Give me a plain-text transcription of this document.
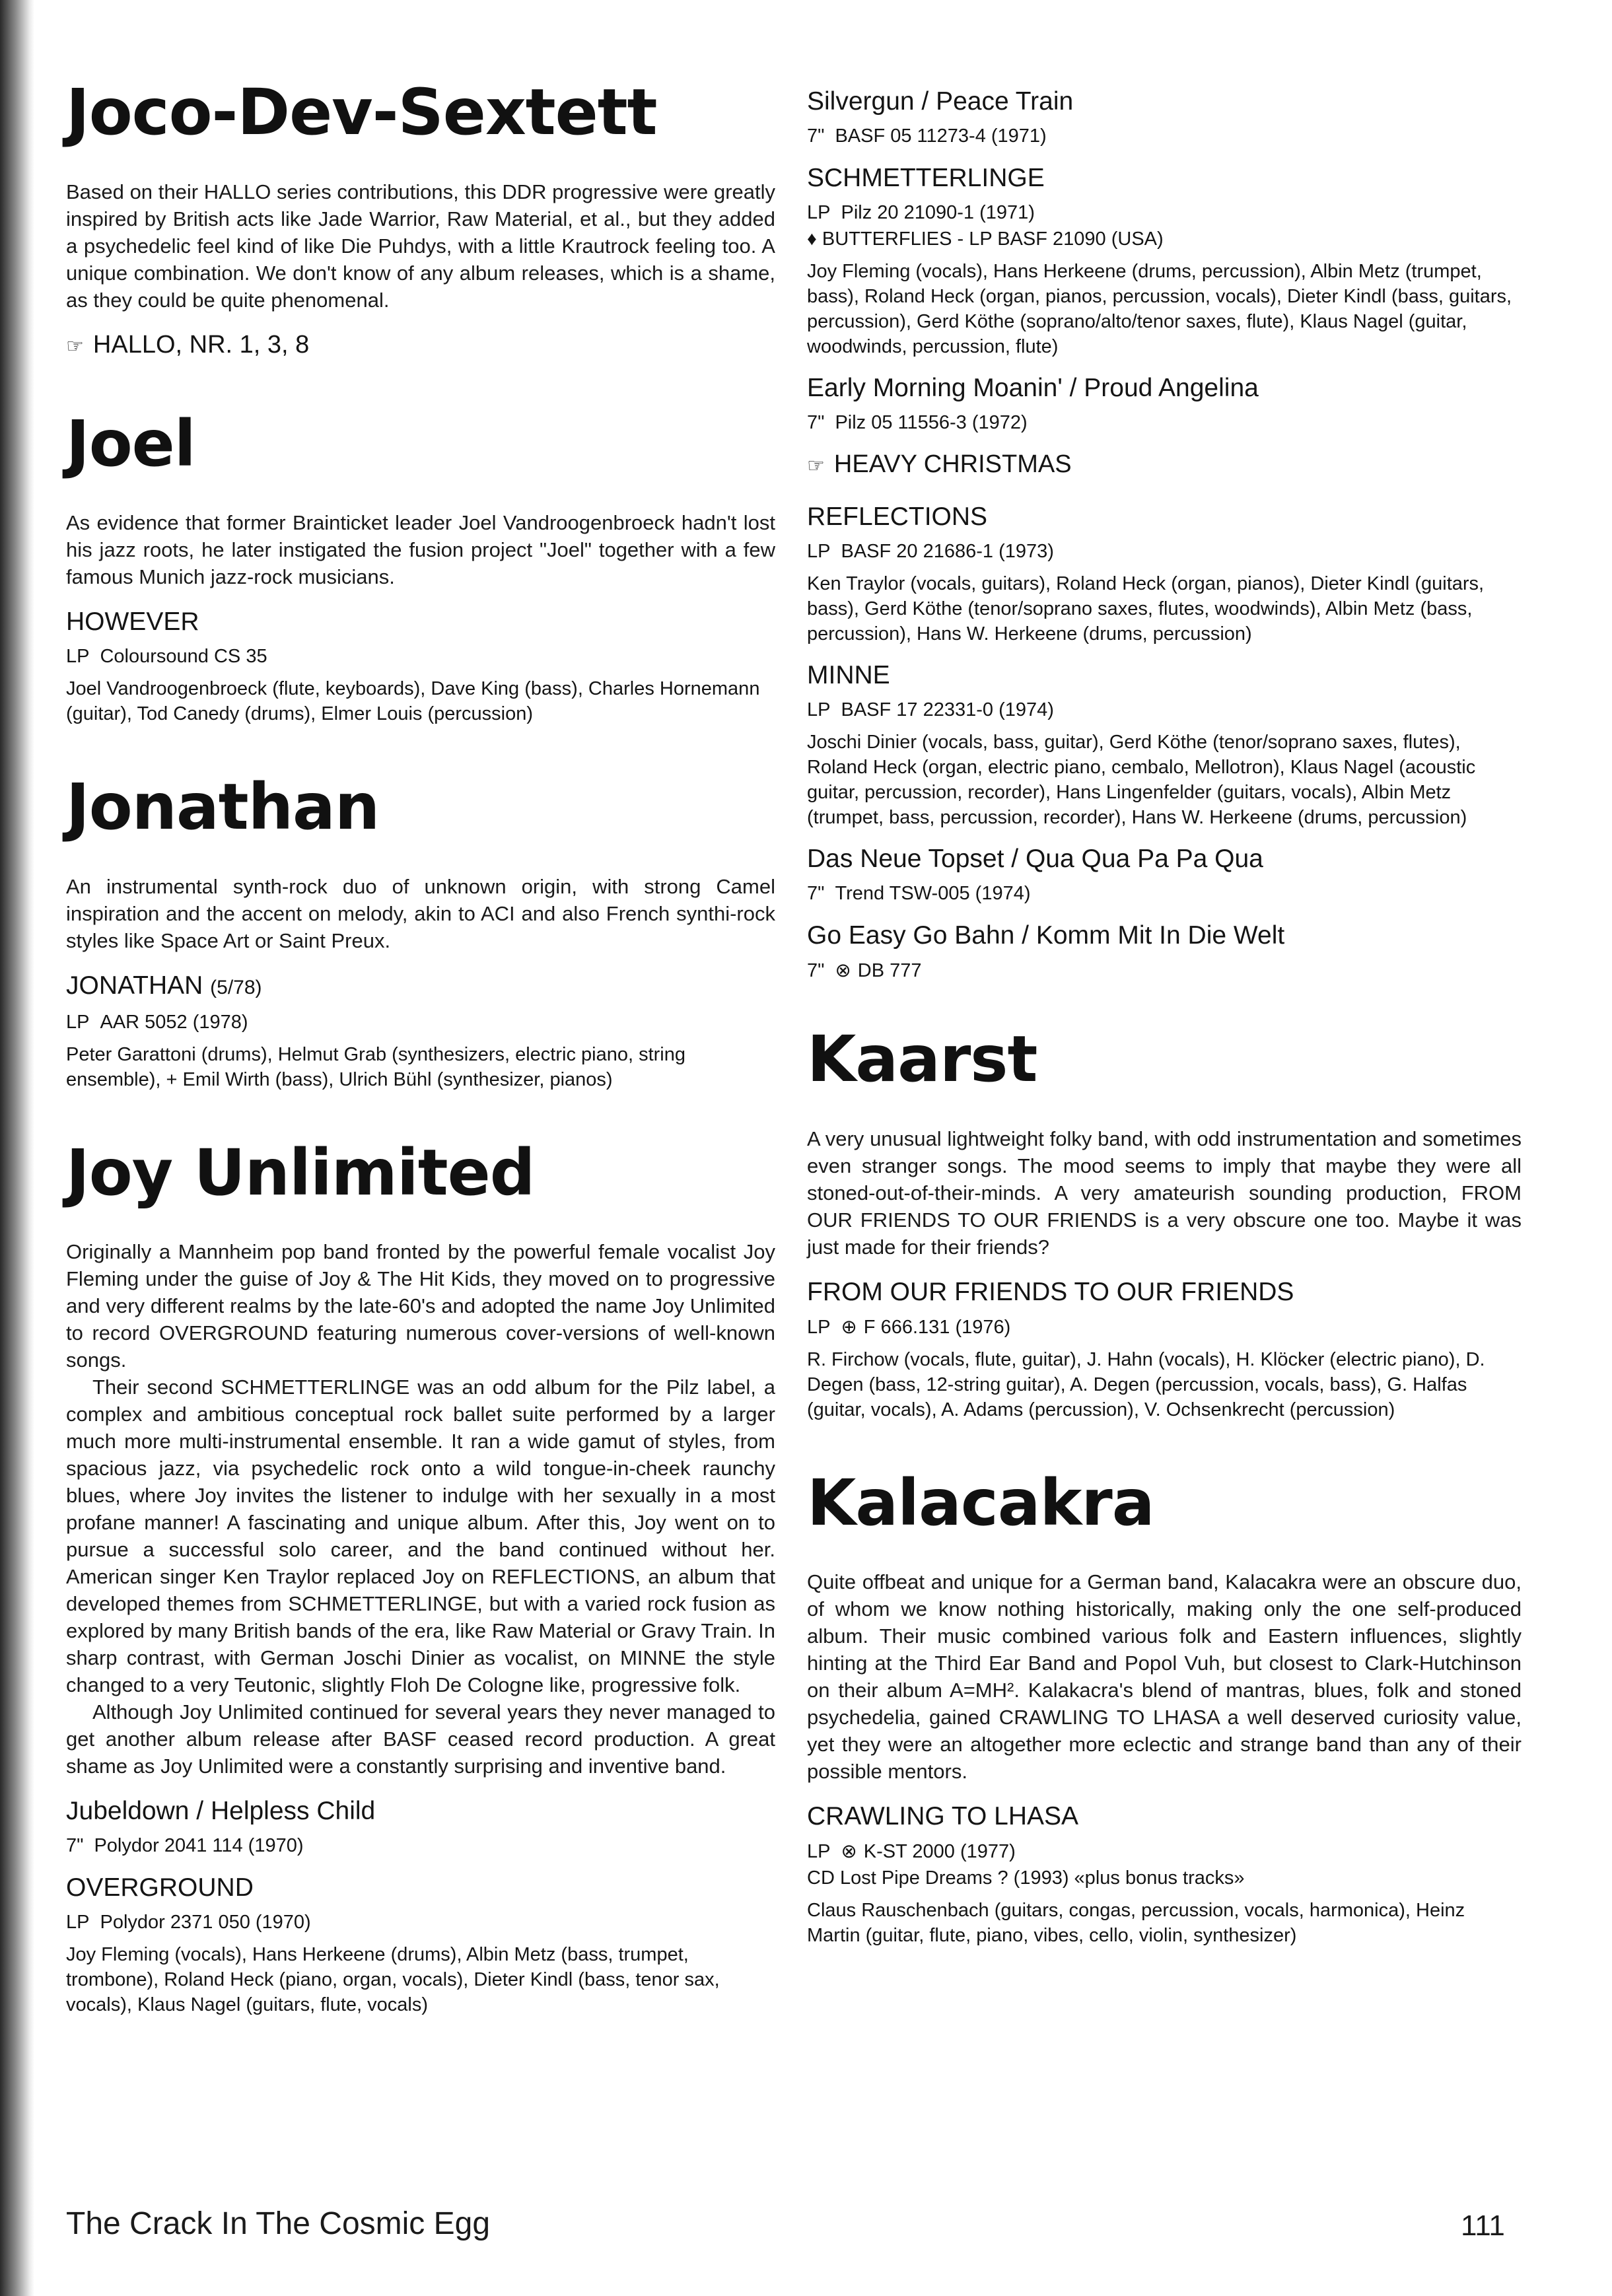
Joco-Dev-Sextett

Based on their HALLO series contributions, this DDR progressive were greatly inspired by British acts like Jade Warrior, Raw Material, et al., but they added a psychedelic feel kind of like Die Puhdys, with a little Krautrock feeling too. A unique combination. We don't know of any album releases, which is a shame, as they could be quite phenomenal.

☞ HALLO, NR. 1, 3, 8
Joel

As evidence that former Brainticket leader Joel Vandroogenbroeck hadn't lost his jazz roots, he later instigated the fusion project "Joel" together with a few famous Munich jazz-rock musicians.

HOWEVER
LP Coloursound CS 35
Joel Vandroogenbroeck (flute, keyboards), Dave King (bass), Charles Hornemann (guitar), Tod Canedy (drums), Elmer Louis (percussion)
Jonathan

An instrumental synth-rock duo of unknown origin, with strong Camel inspiration and the accent on melody, akin to ACI and also French synthi-rock styles like Space Art or Saint Preux.

JONATHAN (5/78)
LP AAR 5052 (1978)
Peter Garattoni (drums), Helmut Grab (synthesizers, electric piano, string ensemble), + Emil Wirth (bass), Ulrich Bühl (synthesizer, pianos)
Joy Unlimited

Originally a Mannheim pop band fronted by the powerful female vocalist Joy Fleming under the guise of Joy & The Hit Kids, they moved on to progressive and very different realms by the late-60's and adopted the name Joy Unlimited to record OVERGROUND featuring numerous cover-versions of well-known songs.

Their second SCHMETTERLINGE was an odd album for the Pilz label, a complex and ambitious conceptual rock ballet suite performed by a larger much more multi-instrumental ensemble. It ran a wide gamut of styles, from spacious jazz, via psychedelic rock onto a wild tongue-in-cheek raunchy blues, where Joy invites the listener to indulge with her sexually in a most profane manner! A fascinating and unique album. After this, Joy went on to pursue a successful solo career, and the band continued without her. American singer Ken Traylor replaced Joy on REFLECTIONS, an album that developed themes from SCHMETTERLINGE, but with a varied rock fusion as explored by many British bands of the era, like Raw Material or Gravy Train. In sharp contrast, with German Joschi Dinier as vocalist, on MINNE the style changed to a very Teutonic, slightly Floh De Cologne like, progressive folk.

Although Joy Unlimited continued for several years they never managed to get another album release after BASF ceased record production. A great shame as Joy Unlimited were a constantly surprising and inventive band.

Jubeldown / Helpless Child
7" Polydor 2041 114 (1970)
OVERGROUND
LP Polydor 2371 050 (1970)
Joy Fleming (vocals), Hans Herkeene (drums), Albin Metz (bass, trumpet, trombone), Roland Heck (piano, organ, vocals), Dieter Kindl (bass, tenor sax, vocals), Klaus Nagel (guitars, flute, vocals)
Silvergun / Peace Train
7" BASF 05 11273-4 (1971)
SCHMETTERLINGE
LP Pilz 20 21090-1 (1971)
♦ BUTTERFLIES - LP BASF 21090 (USA)
Joy Fleming (vocals), Hans Herkeene (drums, percussion), Albin Metz (trumpet, bass), Roland Heck (organ, pianos, percussion, vocals), Dieter Kindl (bass, guitars, percussion), Gerd Köthe (soprano/alto/tenor saxes, flute), Klaus Nagel (guitar, woodwinds, percussion, flute)
Early Morning Moanin' / Proud Angelina
7" Pilz 05 11556-3 (1972)
☞ HEAVY CHRISTMAS
REFLECTIONS
LP BASF 20 21686-1 (1973)
Ken Traylor (vocals, guitars), Roland Heck (organ, pianos), Dieter Kindl (guitars, bass), Gerd Köthe (tenor/soprano saxes, flutes, woodwinds), Albin Metz (bass, percussion), Hans W. Herkeene (drums, percussion)
MINNE
LP BASF 17 22331-0 (1974)
Joschi Dinier (vocals, bass, guitar), Gerd Köthe (tenor/soprano saxes, flutes), Roland Heck (organ, electric piano, cembalo, Mellotron), Klaus Nagel (acoustic guitar, percussion, recorder), Hans Lingenfelder (guitars, vocals), Albin Metz (trumpet, bass, percussion, recorder), Hans W. Herkeene (drums, percussion)
Das Neue Topset / Qua Qua Pa Pa Qua
7" Trend TSW-005 (1974)
Go Easy Go Bahn / Komm Mit In Die Welt
7" ⊗ DB 777
Kaarst

A very unusual lightweight folky band, with odd instrumentation and sometimes even stranger songs. The mood seems to imply that maybe they were all stoned-out-of-their-minds. A very amateurish sounding production, FROM OUR FRIENDS TO OUR FRIENDS is a very obscure one too. Maybe it was just made for their friends?

FROM OUR FRIENDS TO OUR FRIENDS
LP ⊕ F 666.131 (1976)
R. Firchow (vocals, flute, guitar), J. Hahn (vocals), H. Klöcker (electric piano), D. Degen (bass, 12-string guitar), A. Degen (percussion, vocals, bass), G. Halfas (guitar, vocals), A. Adams (percussion), V. Ochsenkrecht (percussion)
Kalacakra

Quite offbeat and unique for a German band, Kalacakra were an obscure duo, of whom we know nothing historically, making only the one self-produced album. Their music combined various folk and Eastern influences, slightly hinting at the Third Ear Band and Popol Vuh, but closest to Clark-Hutchinson on their album A=MH². Kalakacra's blend of mantras, blues, folk and stoned psychedelia, gained CRAWLING TO LHASA a well deserved curiosity value, yet they were an altogether more eclectic and strange band than any of their possible mentors.

CRAWLING TO LHASA
LP ⊗ K-ST 2000 (1977)
CD Lost Pipe Dreams ? (1993) «plus bonus tracks»
Claus Rauschenbach (guitars, congas, percussion, vocals, harmonica), Heinz Martin (guitar, flute, piano, vibes, cello, violin, synthesizer)
The Crack In The Cosmic Egg	111
